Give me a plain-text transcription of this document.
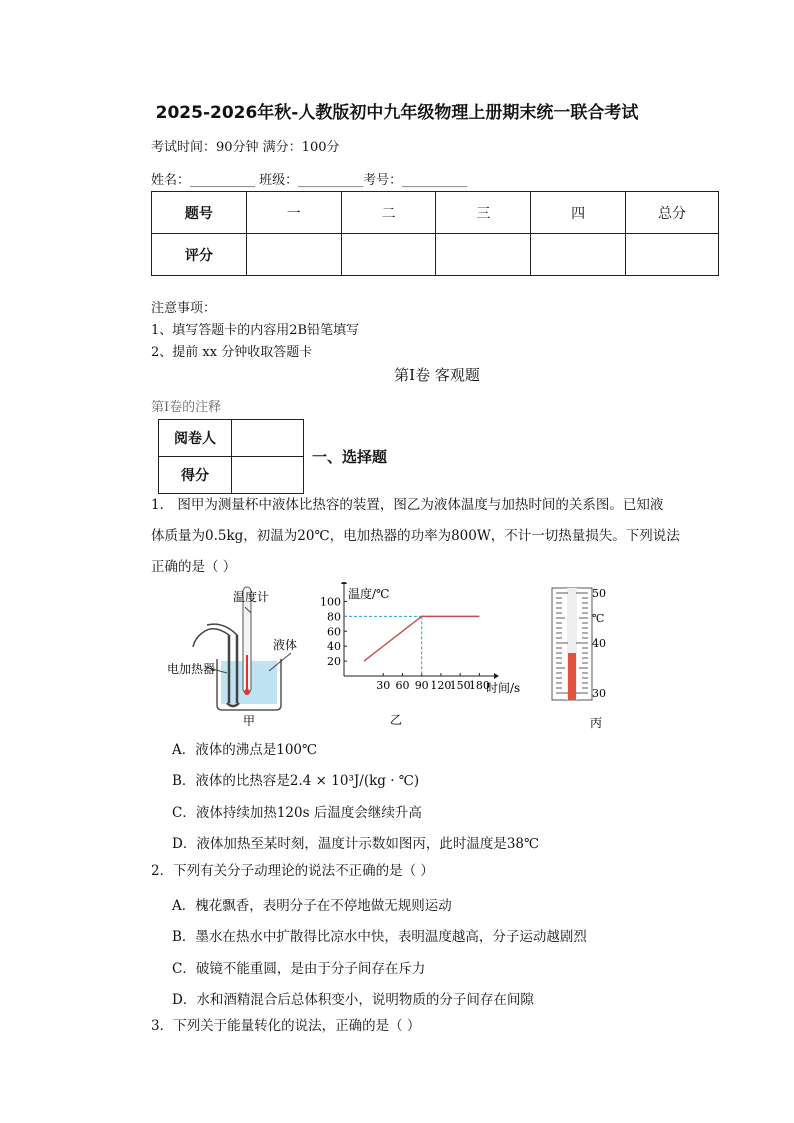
2025-2026年秋-人教版初中九年级物理上册期末统一联合考试
考试时间：90分钟 满分：100分
姓名：__________ 班级：__________考号：__________
题号	一	二	三	四	总分
评分					
注意事项：
1、填写答题卡的内容用2B铅笔填写
2、提前 xx 分钟收取答题卡
第Ⅰ卷 客观题
第Ⅰ卷的注释
阅卷人	
得分	
一、选择题
1． 图甲为测量杯中液体比热容的装置，图乙为液体温度与加热时间的关系图。已知液
体质量为0.5kg，初温为20℃，电加热器的功率为800W，不计一切热量损失。下列说法
正确的是（ ）
温度计
电加热器
液体
甲
温度/℃
时间/s
乙
20
40
60
80
100
30 60 90 120
150
180
丙
50
40
30
℃
A．液体的沸点是100℃
B．液体的比热容是2.4 × 10³J/(kg · ℃)
C．液体持续加热120s 后温度会继续升高
D．液体加热至某时刻，温度计示数如图丙，此时温度是38℃
2．下列有关分子动理论的说法不正确的是（ ）
A．槐花飘香，表明分子在不停地做无规则运动
B．墨水在热水中扩散得比凉水中快，表明温度越高，分子运动越剧烈
C．破镜不能重圆，是由于分子间存在斥力
D．水和酒精混合后总体积变小，说明物质的分子间存在间隙
3．下列关于能量转化的说法，正确的是（ ）
